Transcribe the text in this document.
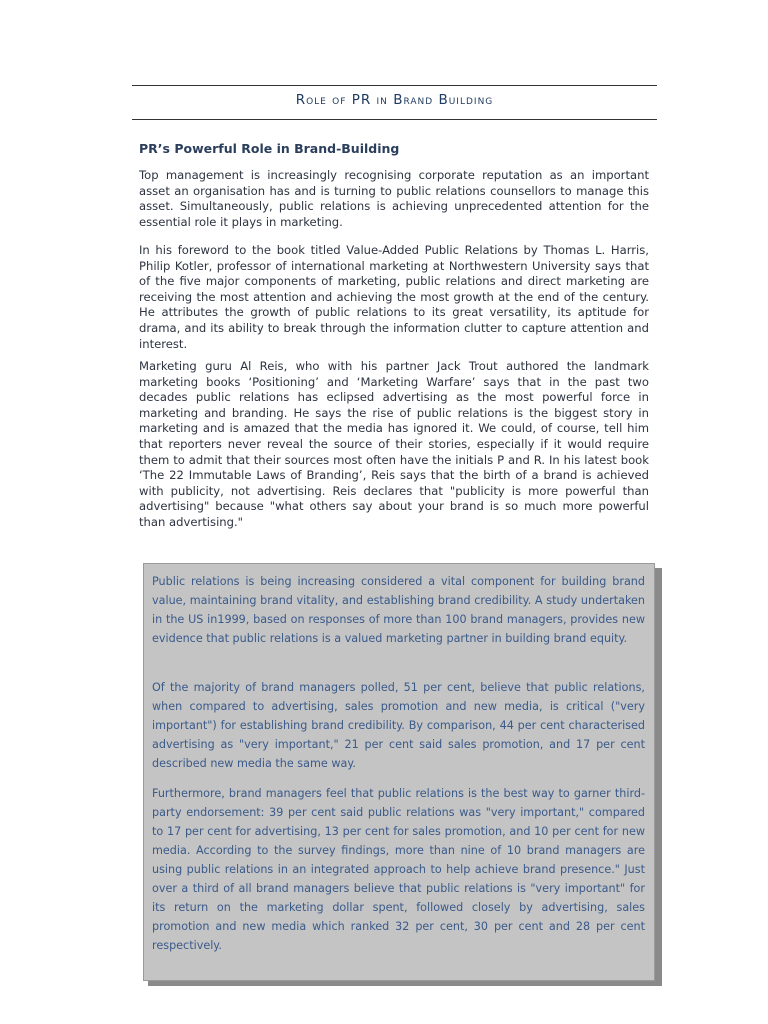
Role of PR in Brand Building
PR’s Powerful Role in Brand-Building

Top management is increasingly recognising corporate reputation as an important asset an organisation has and is turning to public relations counsellors to manage this asset. Simultaneously, public relations is achieving unprecedented attention for the essential role it plays in marketing.

In his foreword to the book titled Value-Added Public Relations by Thomas L. Harris, Philip Kotler, professor of international marketing at Northwestern University says that of the five major components of marketing, public relations and direct marketing are receiving the most attention and achieving the most growth at the end of the century. He attributes the growth of public relations to its great versatility, its aptitude for drama, and its ability to break through the information clutter to capture attention and interest.

Marketing guru Al Reis, who with his partner Jack Trout authored the landmark marketing books ‘Positioning’ and ‘Marketing Warfare’ says that in the past two decades public relations has eclipsed advertising as the most powerful force in marketing and branding. He says the rise of public relations is the biggest story in marketing and is amazed that the media has ignored it. We could, of course, tell him that reporters never reveal the source of their stories, especially if it would require them to admit that their sources most often have the initials P and R. In his latest book ‘The 22 Immutable Laws of Branding’, Reis says that the birth of a brand is achieved with publicity, not advertising. Reis declares that "publicity is more powerful than advertising" because "what others say about your brand is so much more powerful than advertising."

Public relations is being increasing considered a vital component for building brand value, maintaining brand vitality, and establishing brand credibility. A study undertaken in the US in1999, based on responses of more than 100 brand managers, provides new evidence that public relations is a valued marketing partner in building brand equity.

Of the majority of brand managers polled, 51 per cent, believe that public relations, when compared to advertising, sales promotion and new media, is critical ("very important") for establishing brand credibility. By comparison, 44 per cent characterised advertising as "very important," 21 per cent said sales promotion, and 17 per cent described new media the same way.

Furthermore, brand managers feel that public relations is the best way to garner third-party endorsement: 39 per cent said public relations was "very important," compared to 17 per cent for advertising, 13 per cent for sales promotion, and 10 per cent for new media. According to the survey findings, more than nine of 10 brand managers are using public relations in an integrated approach to help achieve brand presence." Just over a third of all brand managers believe that public relations is "very important" for its return on the marketing dollar spent, followed closely by advertising, sales promotion and new media which ranked 32 per cent, 30 per cent and 28 per cent respectively.
